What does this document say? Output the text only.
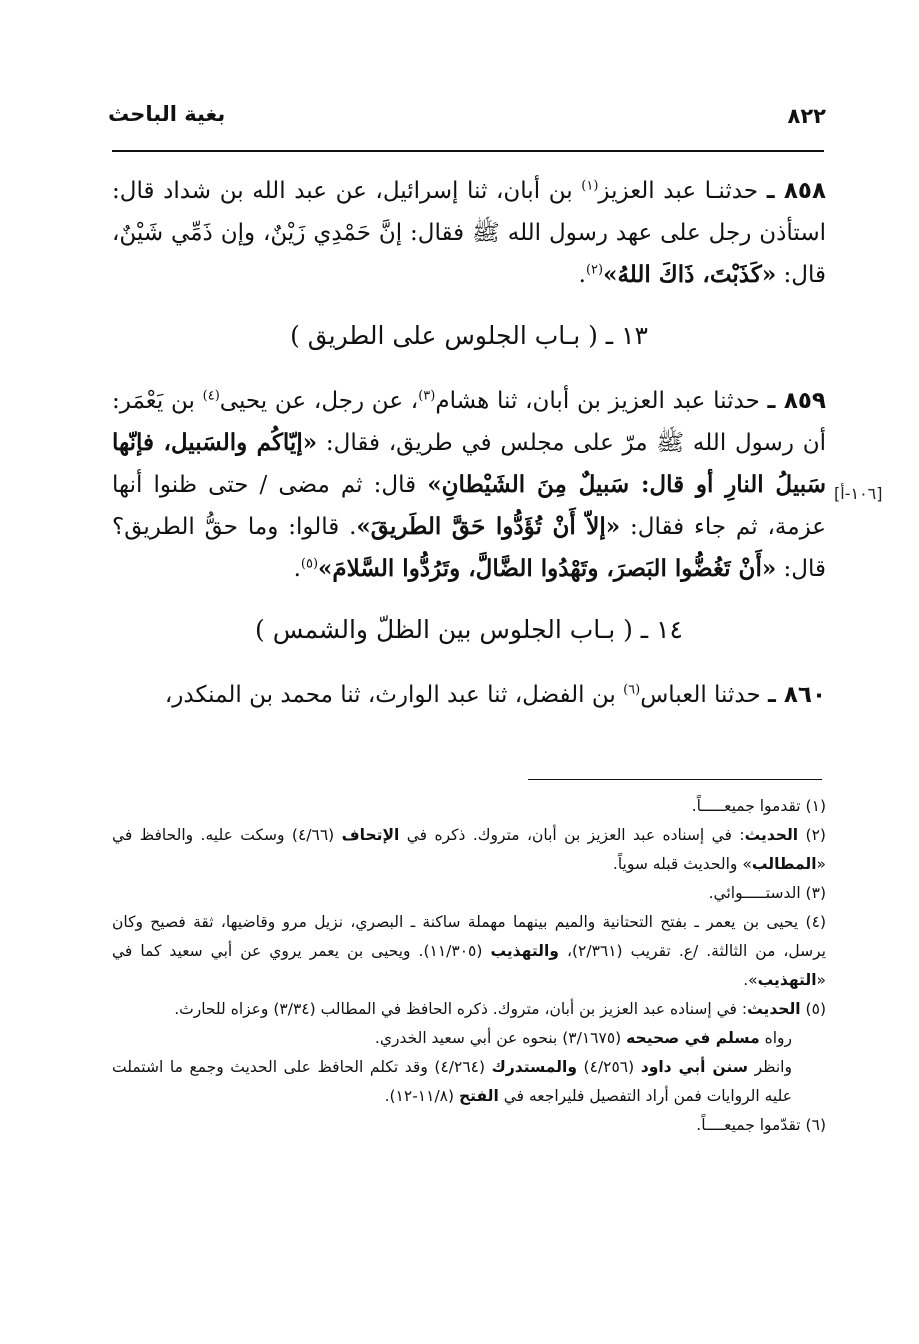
٨٢٢
بغية الباحث

٨٥٨ ـ حدثنـا عبد العزيز$^{(١)}$ بن أبان، ثنا إسرائيل، عن عبد الله بن شداد قال: استأذن رجل على عهد رسول الله ﷺ فقال: إنَّ حَمْدِي زَيْنٌ، وإن ذَمِّي شَيْنٌ، قال: «كَذَبْتَ، ذَاكَ اللهُ»$^{(٢)}$.

١٣ ـ ( بـاب الجلوس على الطريق )

٨٥٩ ـ حدثنا عبد العزيز بن أبان، ثنا هشام$^{(٣)}$، عن رجل، عن يحيى$^{(٤)}$ بن يَعْمَر: أن رسول الله ﷺ مرّ على مجلس في طريق، فقال: «إيّاكُم والسَبيل، فإنّها سَبيلُ النارِ أو قال: سَبيلٌ مِنَ الشَيْطانِ» قال: ثم مضى / حتى ظنوا أنها عزمة، ثم جاء فقال: «إلاّ أَنْ تُؤَدُّوا حَقَّ الطَريقَ». قالوا: وما حقُّ الطريق؟ قال: «أَنْ تَغُضُّوا البَصرَ، وتَهْدُوا الضَّالَّ، وتَرُدُّوا السَّلامَ»$^{(٥)}$.

١٤ ـ ( بـاب الجلوس بين الظلّ والشمس )

٨٦٠ ـ حدثنا العباس$^{(٦)}$ بن الفضل، ثنا عبد الوارث، ثنا محمد بن المنكدر،

[١٠٦-أ]

(١) تقدموا جميعـــــاً.

(٢) الحديث: في إسناده عبد العزيز بن أبان، متروك. ذكره في الإتحاف (٤/٦٦) وسكت عليه. والحافظ في «المطالب» والحديث قبله سوياً.

(٣) الدستـــــوائي.

(٤) يحيى بن يعمر ـ بفتح التحتانية والميم بينهما مهملة ساكنة ـ البصري، نزيل مرو وقاضيها، ثقة فصيح وكان يرسل، من الثالثة. /ع. تقريب (٢/٣٦١)، والتهذيب (١١/٣٠٥). ويحيى بن يعمر يروي عن أبي سعيد كما في «التهذيب».

(٥) الحديث: في إسناده عبد العزيز بن أبان، متروك. ذكره الحافظ في المطالب (٣/٣٤) وعزاه للحارث.

رواه مسلم في صحيحه (٣/١٦٧٥) بنحوه عن أبي سعيد الخدري.

وانظر سنن أبي داود (٤/٢٥٦) والمستدرك (٤/٢٦٤) وقد تكلم الحافظ على الحديث وجمع ما اشتملت عليه الروايات فمن أراد التفصيل فليراجعه في الفتح (١١/٨-١٢).

(٦) تقدّموا جميعــــاً.
